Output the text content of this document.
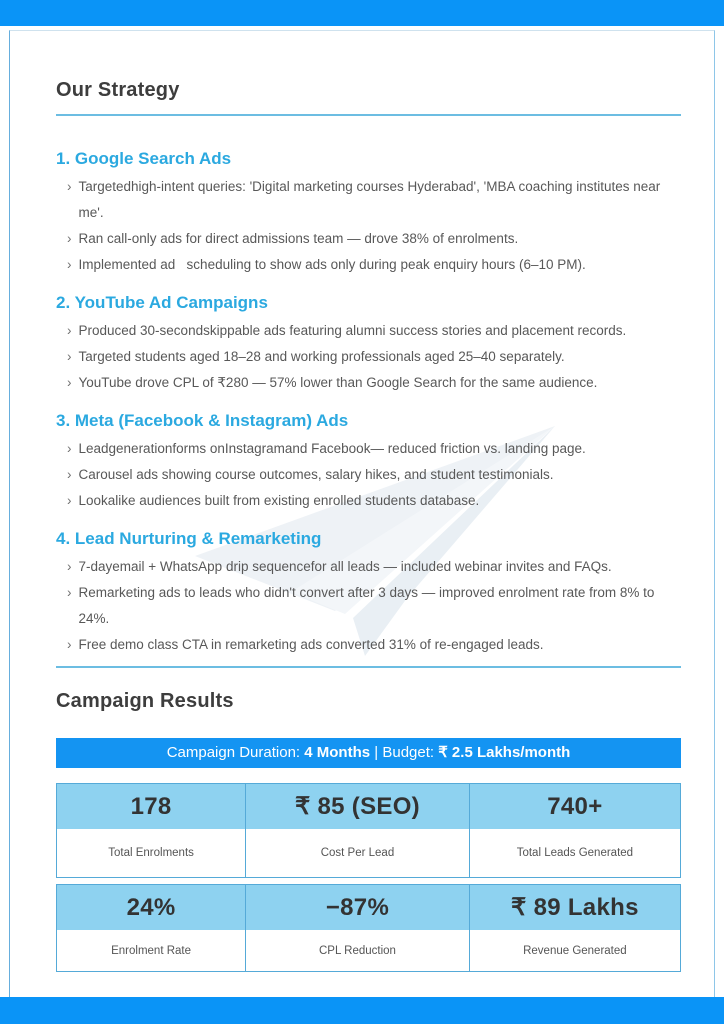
Our Strategy
1. Google Search Ads
› Targetedhigh-intent queries: 'Digital marketing courses Hyderabad', 'MBA coaching institutes near me'.
› Ran call-only ads for direct admissions team — drove 38% of enrolments.
› Implemented ad   scheduling to show ads only during peak enquiry hours (6–10 PM).
2. YouTube Ad Campaigns
› Produced 30-secondskippable ads featuring alumni success stories and placement records.
› Targeted students aged 18–28 and working professionals aged 25–40 separately.
› YouTube drove CPL of ₹280 — 57% lower than Google Search for the same audience.
3. Meta (Facebook & Instagram) Ads
› Leadgenerationforms onInstagramand Facebook— reduced friction vs. landing page.
› Carousel ads showing course outcomes, salary hikes, and student testimonials.
› Lookalike audiences built from existing enrolled students database.
4. Lead Nurturing & Remarketing
› 7-dayemail + WhatsApp drip sequencefor all leads — included webinar invites and FAQs.
› Remarketing ads to leads who didn't convert after 3 days — improved enrolment rate from 8% to 24%.
› Free demo class CTA in remarketing ads converted 31% of re-engaged leads.
Campaign Results
Campaign Duration: 4 Months | Budget: ₹ 2.5 Lakhs/month
178
Total Enrolments
₹ 85 (SEO)
Cost Per Lead
740+
Total Leads Generated
24%
Enrolment Rate
−87%
CPL Reduction
₹ 89 Lakhs
Revenue Generated
